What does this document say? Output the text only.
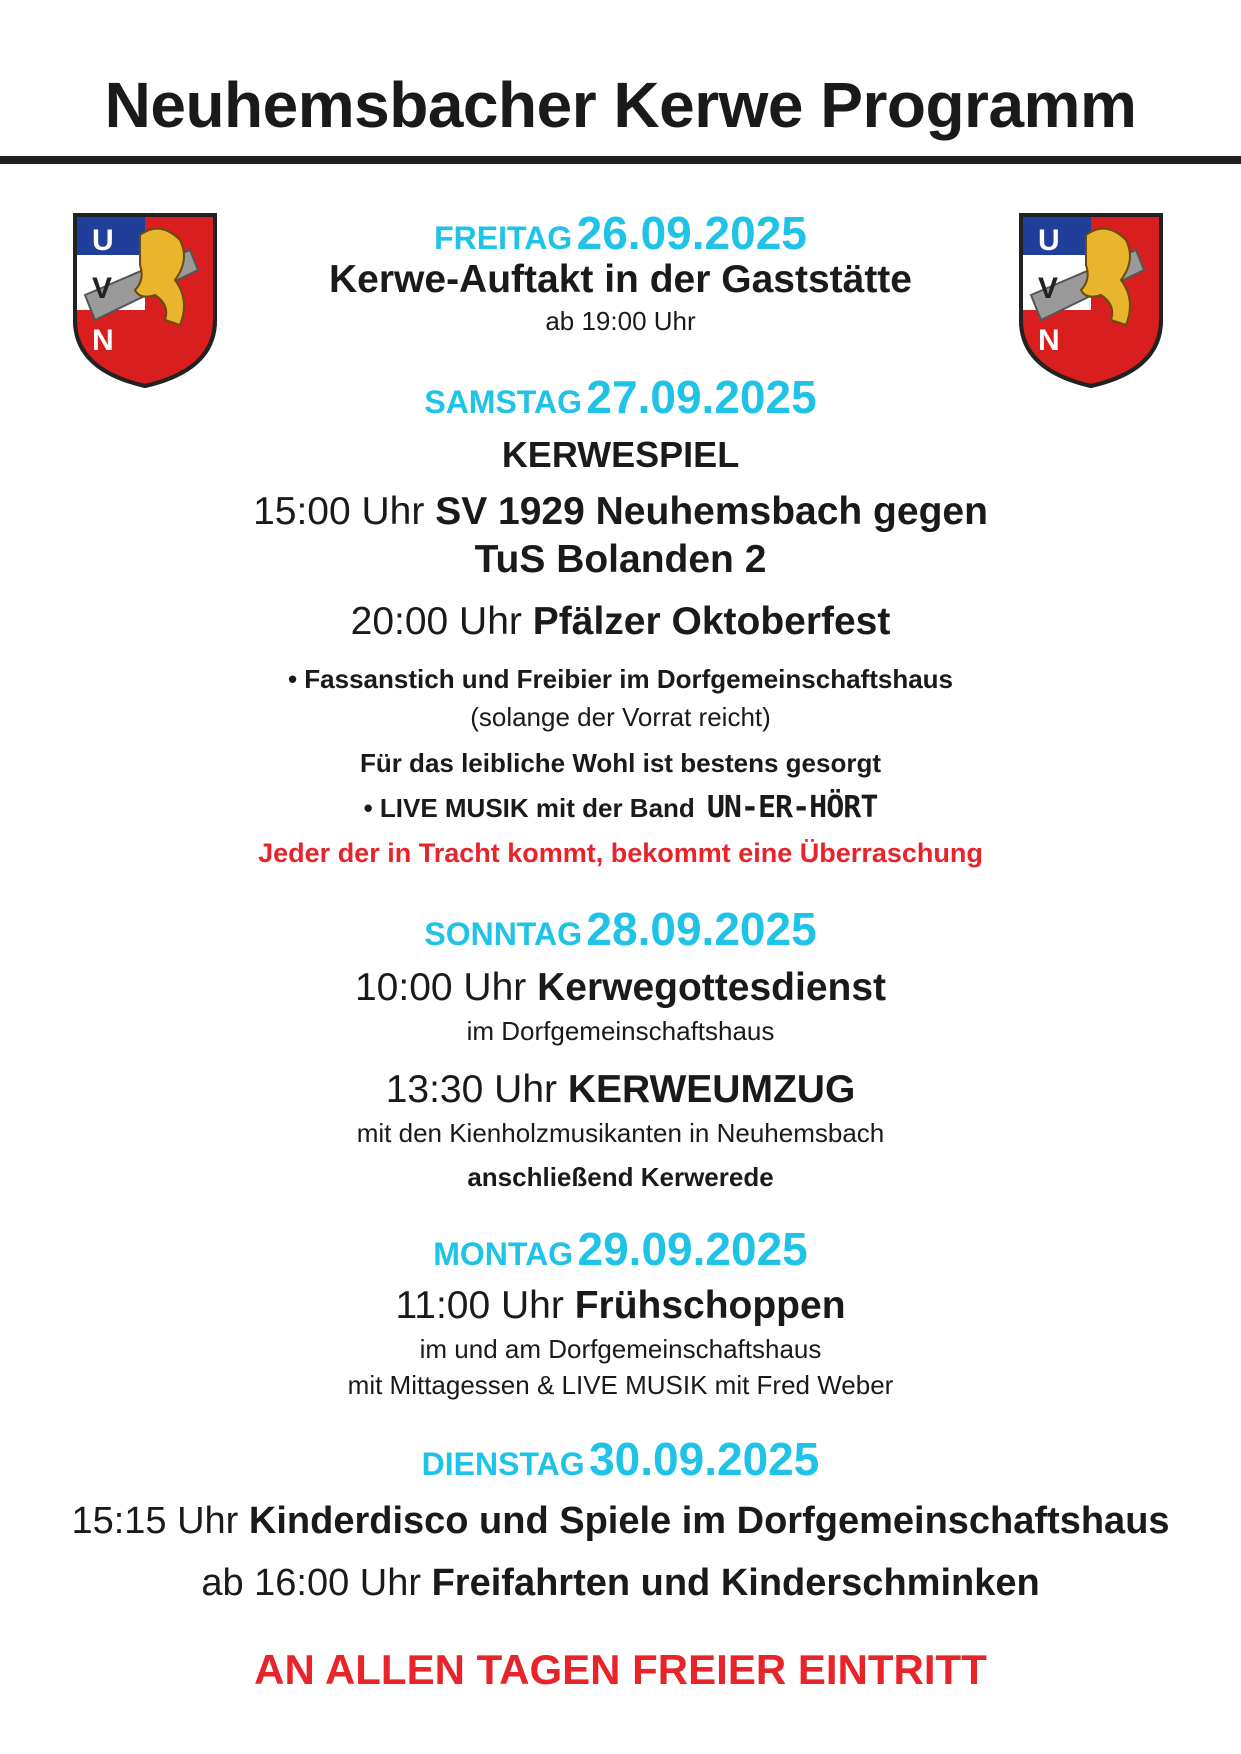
Neuhemsbacher Kerwe Programm
U
V
N
U
V
N
FREITAG 26.09.2025
Kerwe-Auftakt in der Gaststätte
ab 19:00 Uhr
SAMSTAG 27.09.2025
KERWESPIEL
15:00 Uhr SV 1929 Neuhemsbach gegen
TuS Bolanden 2
20:00 Uhr Pfälzer Oktoberfest
• Fassanstich und Freibier im Dorfgemeinschaftshaus
(solange der Vorrat reicht)
Für das leibliche Wohl ist bestens gesorgt
• LIVE MUSIK mit der Band UN-ER-HÖRT
Jeder der in Tracht kommt, bekommt eine Überraschung
SONNTAG 28.09.2025
10:00 Uhr Kerwegottesdienst
im Dorfgemeinschaftshaus
13:30 Uhr KERWEUMZUG
mit den Kienholzmusikanten in Neuhemsbach
anschließend Kerwerede
MONTAG 29.09.2025
11:00 Uhr Frühschoppen
im und am Dorfgemeinschaftshaus
mit Mittagessen & LIVE MUSIK mit Fred Weber
DIENSTAG 30.09.2025
15:15 Uhr Kinderdisco und Spiele im Dorfgemeinschaftshaus
ab 16:00 Uhr Freifahrten und Kinderschminken
AN ALLEN TAGEN FREIER EINTRITT
